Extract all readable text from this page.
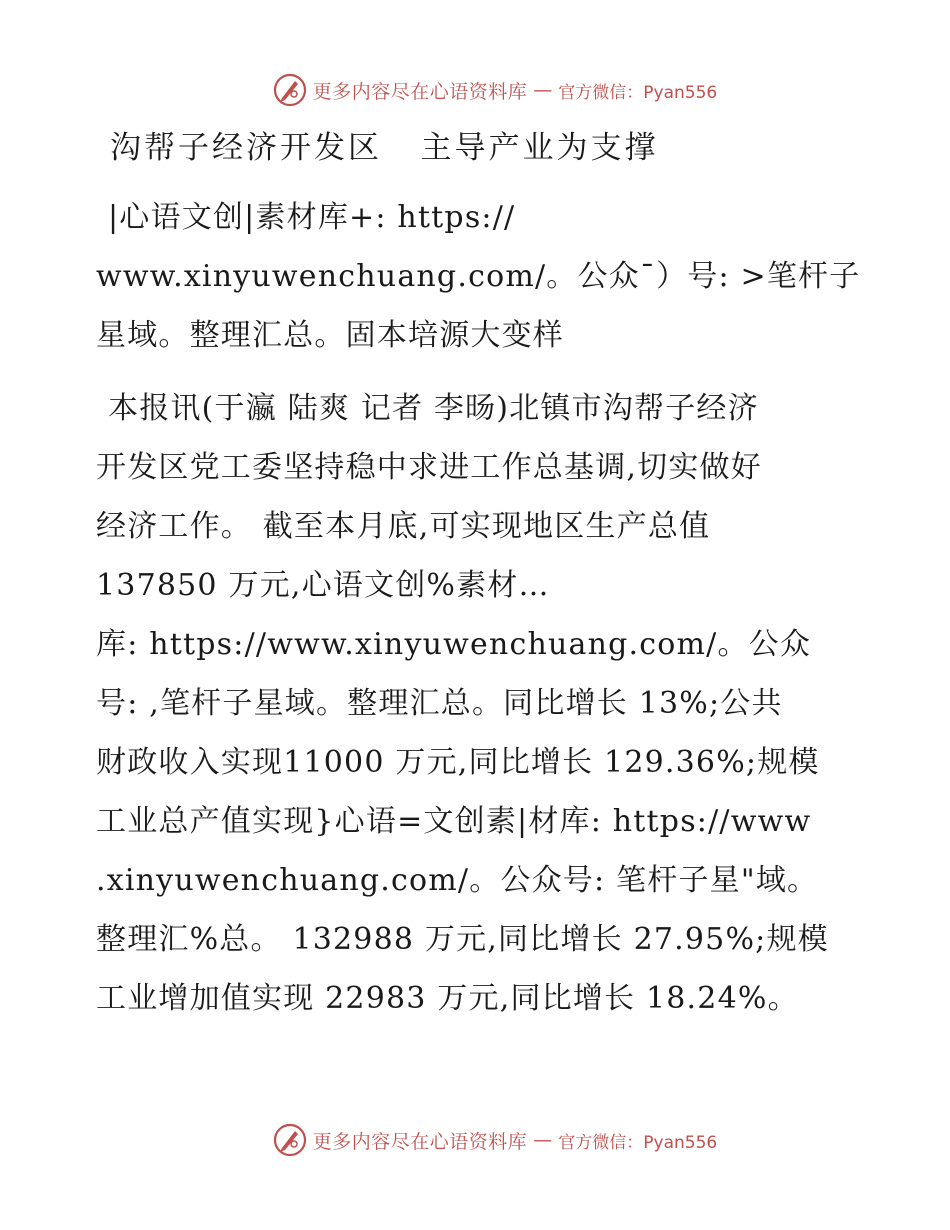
更多内容尽在心语资料库 — 官方微信：Pyan556
沟帮子经济开发区   主导产业为支撑
|心语文创|素材库+: https://
www.xinyuwenchuang.com/。公众¯）号: >笔杆子
星域。整理汇总。固本培源大变样
本报讯(于瀛 陆爽 记者 李旸)北镇市沟帮子经济
开发区党工委坚持稳中求进工作总基调,切实做好
经济工作。 截至本月底,可实现地区生产总值
137850 万元,心语文创%素材…
库: https://www.xinyuwenchuang.com/。公众
号: ,笔杆子星域。整理汇总。同比增长 13%;公共
财政收入实现11000 万元,同比增长 129.36%;规模
工业总产值实现}心语=文创素|材库: https://www
.xinyuwenchuang.com/。公众号: 笔杆子星"域。
整理汇%总。 132988 万元,同比增长 27.95%;规模
工业增加值实现 22983 万元,同比增长 18.24%。
更多内容尽在心语资料库 — 官方微信：Pyan556
